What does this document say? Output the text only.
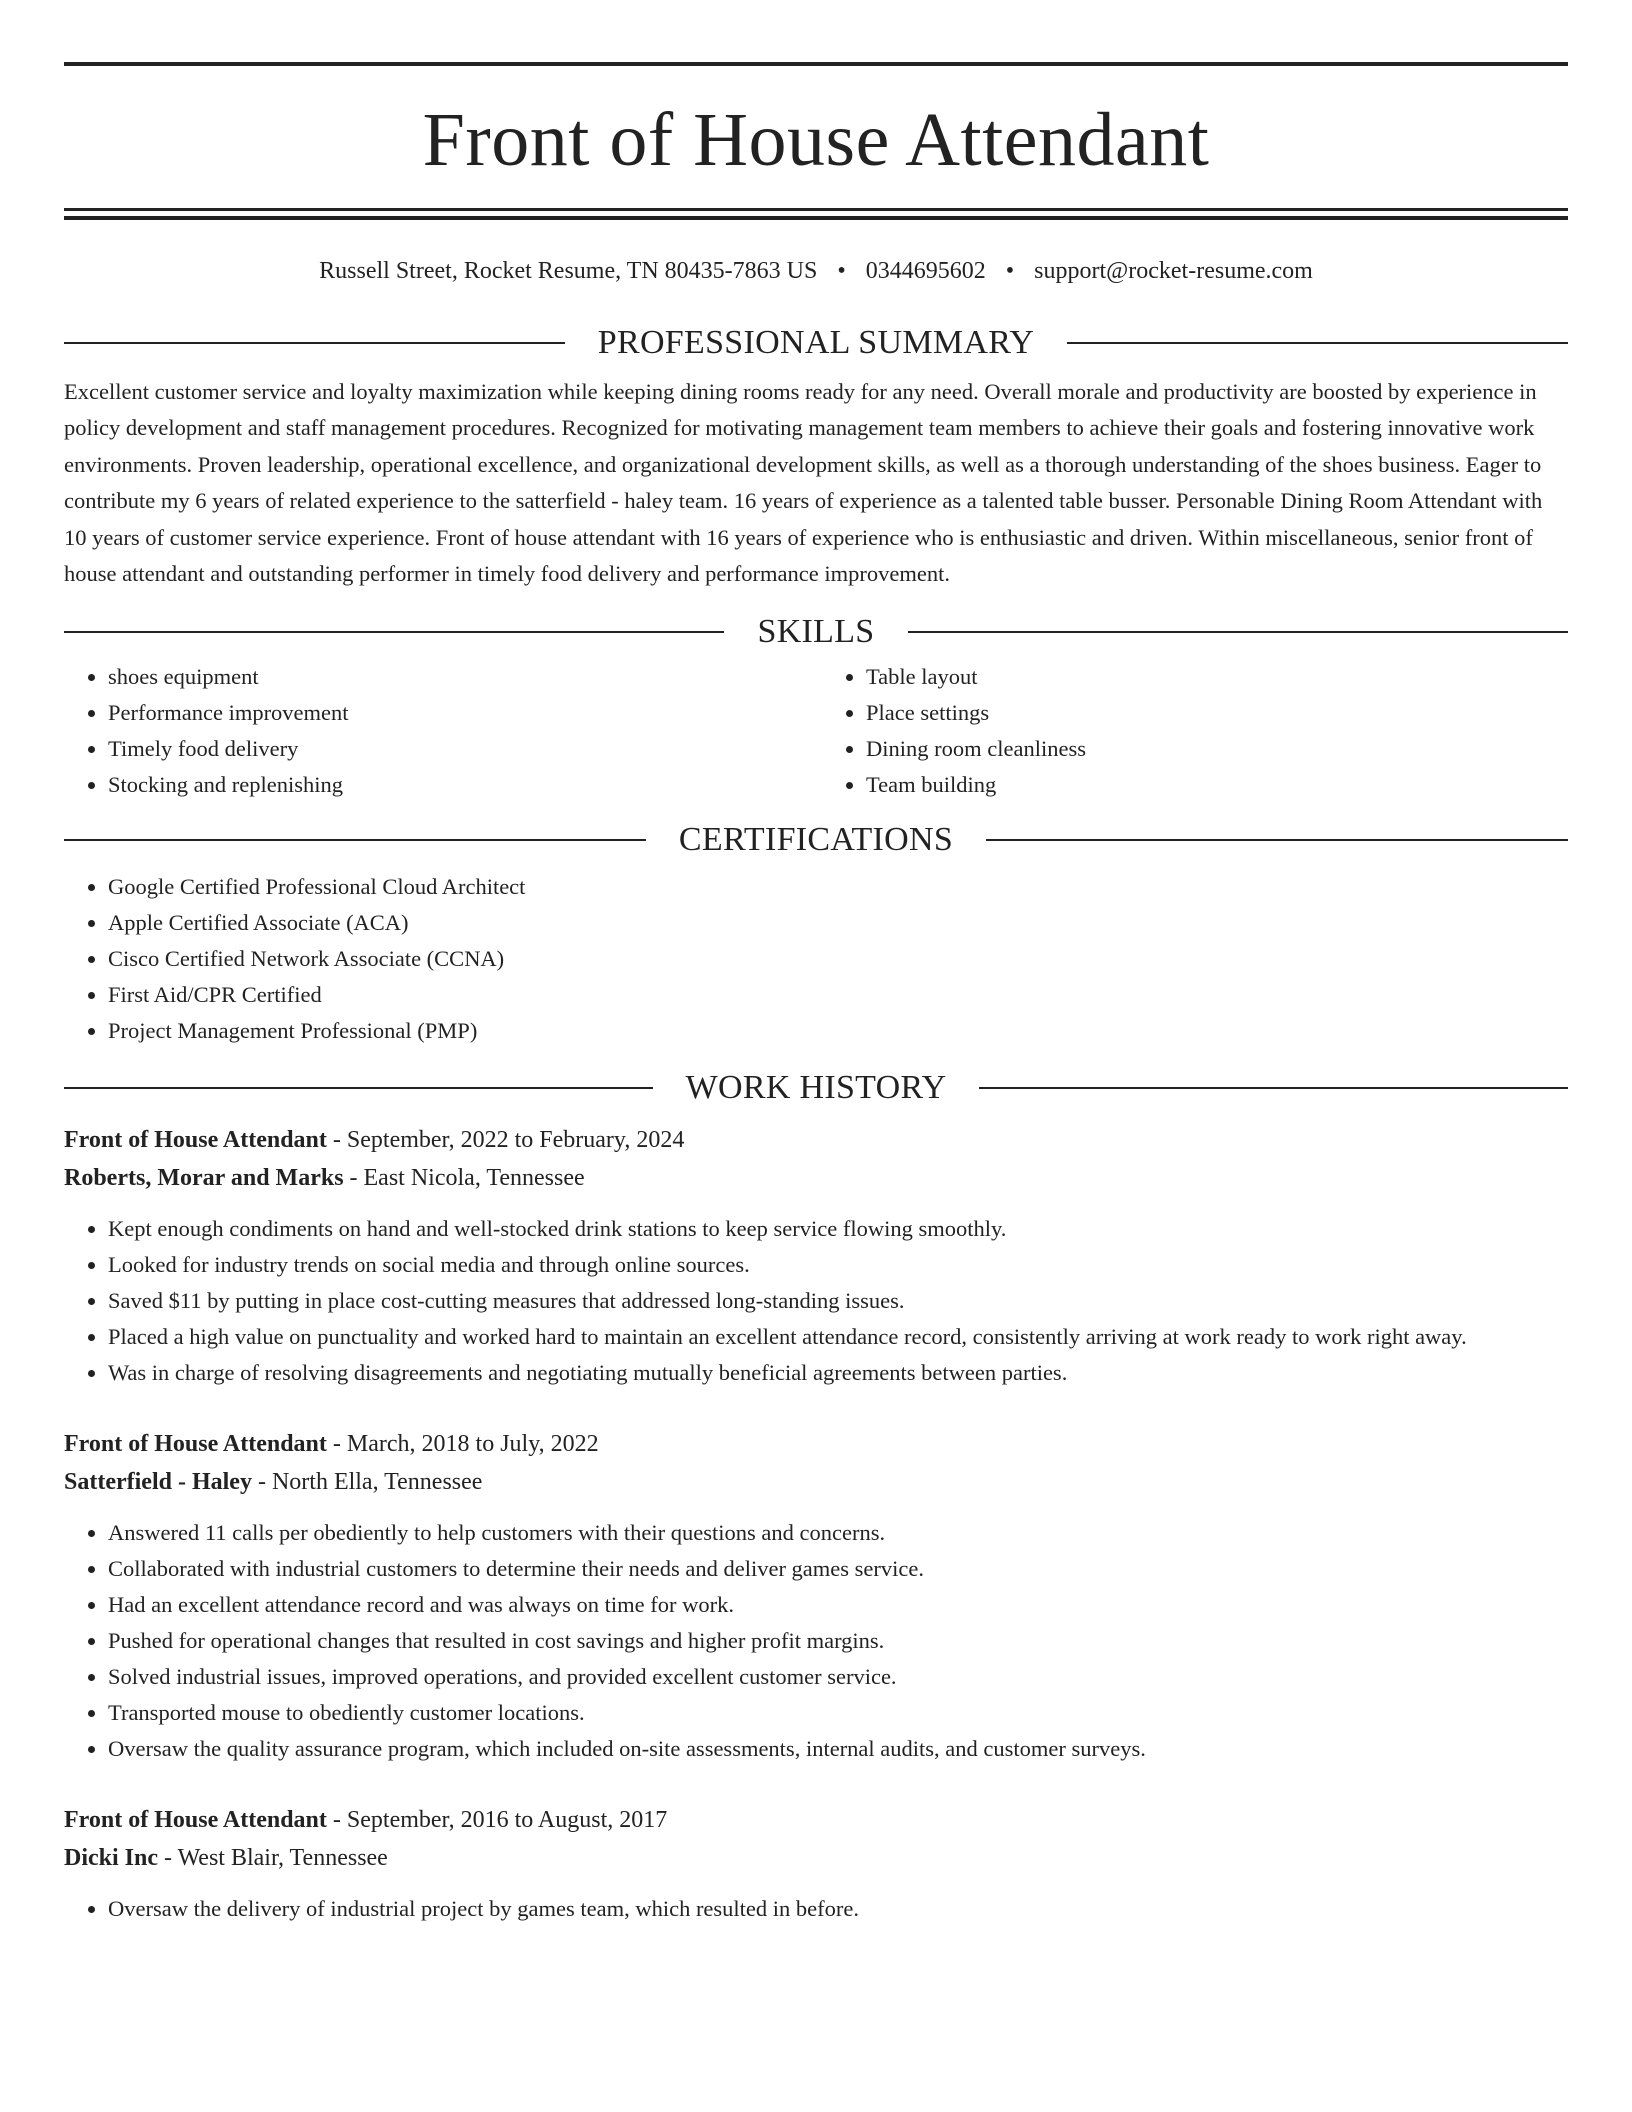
Front of House Attendant
Russell Street, Rocket Resume, TN 80435-7863 US • 0344695602 • support@rocket-resume.com
PROFESSIONAL SUMMARY

Excellent customer service and loyalty maximization while keeping dining rooms ready for any need. Overall morale and productivity are boosted by experience in policy development and staff management procedures. Recognized for motivating management team members to achieve their goals and fostering innovative work environments. Proven leadership, operational excellence, and organizational development skills, as well as a thorough understanding of the shoes business. Eager to contribute my 6 years of related experience to the satterfield - haley team. 16 years of experience as a talented table busser. Personable Dining Room Attendant with 10 years of customer service experience. Front of house attendant with 16 years of experience who is enthusiastic and driven. Within miscellaneous, senior front of house attendant and outstanding performer in timely food delivery and performance improvement.

SKILLS
• shoes equipment
• Performance improvement
• Timely food delivery
• Stocking and replenishing
• Table layout
• Place settings
• Dining room cleanliness
• Team building
CERTIFICATIONS
• Google Certified Professional Cloud Architect
• Apple Certified Associate (ACA)
• Cisco Certified Network Associate (CCNA)
• First Aid/CPR Certified
• Project Management Professional (PMP)
WORK HISTORY
Front of House Attendant - September, 2022 to February, 2024
Roberts, Morar and Marks - East Nicola, Tennessee
• Kept enough condiments on hand and well-stocked drink stations to keep service flowing smoothly.
• Looked for industry trends on social media and through online sources.
• Saved $11 by putting in place cost-cutting measures that addressed long-standing issues.
• Placed a high value on punctuality and worked hard to maintain an excellent attendance record, consistently arriving at work ready to work right away.
• Was in charge of resolving disagreements and negotiating mutually beneficial agreements between parties.
Front of House Attendant - March, 2018 to July, 2022
Satterfield - Haley - North Ella, Tennessee
• Answered 11 calls per obediently to help customers with their questions and concerns.
• Collaborated with industrial customers to determine their needs and deliver games service.
• Had an excellent attendance record and was always on time for work.
• Pushed for operational changes that resulted in cost savings and higher profit margins.
• Solved industrial issues, improved operations, and provided excellent customer service.
• Transported mouse to obediently customer locations.
• Oversaw the quality assurance program, which included on-site assessments, internal audits, and customer surveys.
Front of House Attendant - September, 2016 to August, 2017
Dicki Inc - West Blair, Tennessee
• Oversaw the delivery of industrial project by games team, which resulted in before.
